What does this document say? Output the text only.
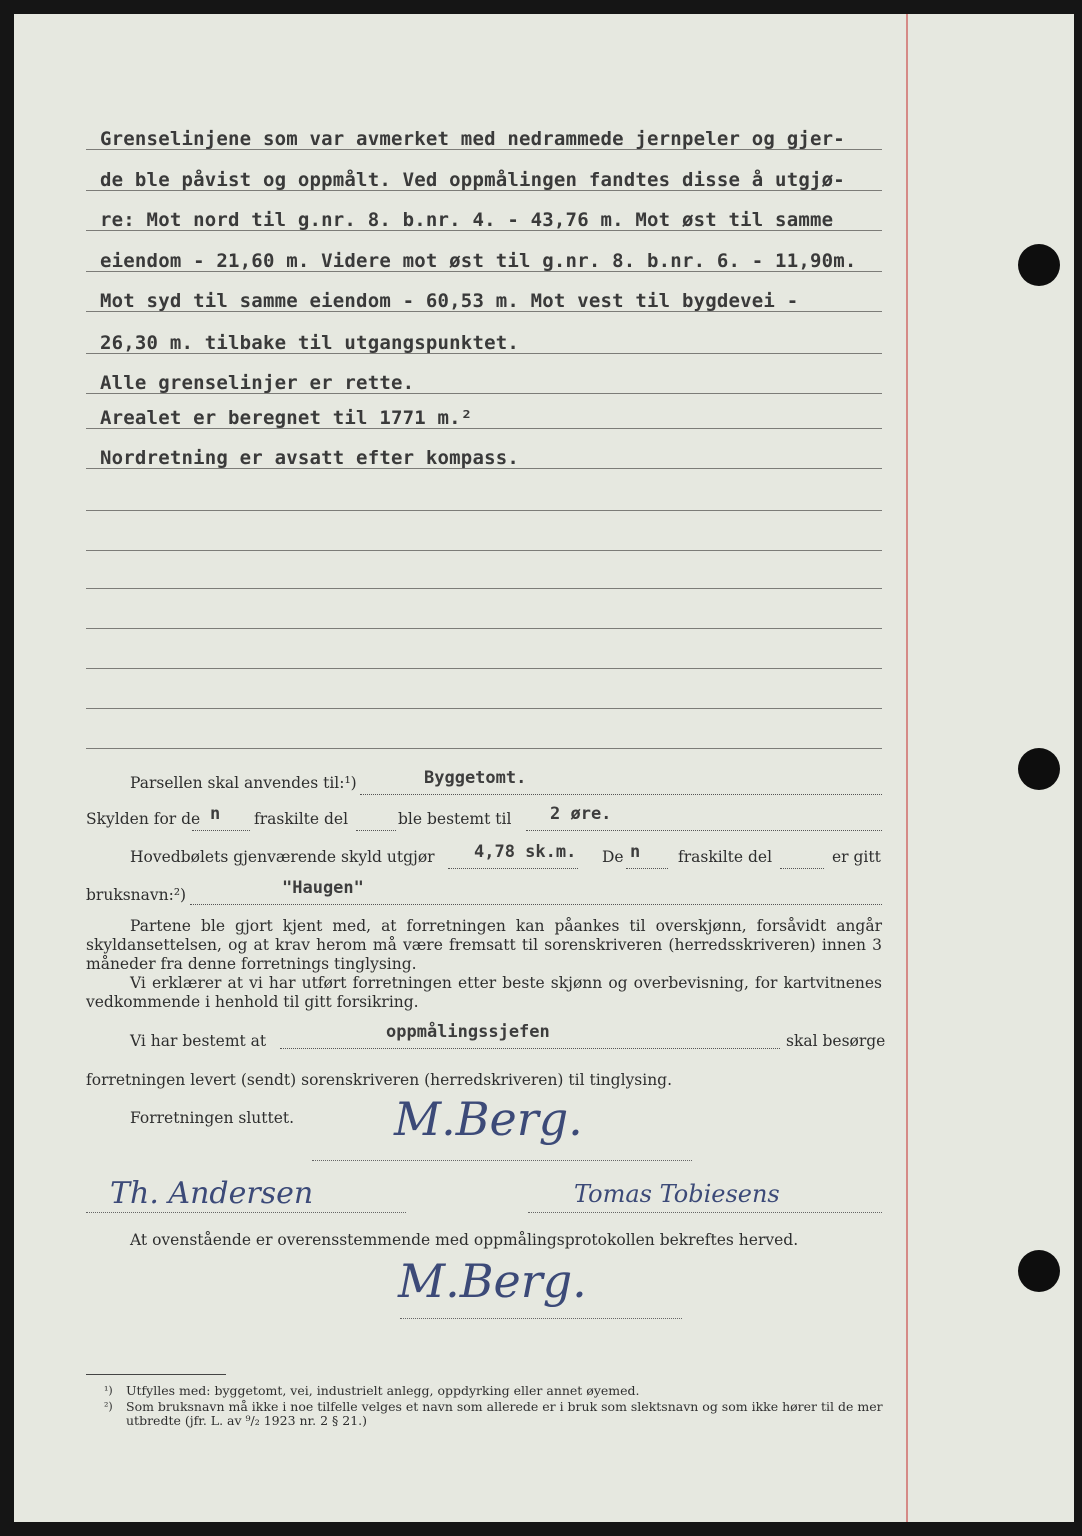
Grenselinjene som var avmerket med nedrammede jernpeler og gjer-
de ble påvist og oppmålt. Ved oppmålingen fandtes disse å utgjø-
re: Mot nord til g.nr. 8. b.nr. 4. - 43,76 m. Mot øst til samme
eiendom - 21,60 m. Videre mot øst til g.nr. 8. b.nr. 6. - 11,90m.
Mot syd til samme eiendom - 60,53 m. Mot vest til bygdevei -
26,30 m. tilbake til utgangspunktet.
Alle grenselinjer er rette.
Arealet er beregnet til 1771 m.²
Nordretning er avsatt efter kompass.
Parsellen skal anvendes til:¹)	Byggetomt.
Skylden for de n fraskilte del	ble bestemt til 2 øre.
Hovedbølets gjenværende skyld utgjør 4,78 sk.m. De n fraskilte del	er gitt
bruksnavn:²)	"Haugen"
Partene ble gjort kjent med, at forretningen kan påankes til overskjønn, forsåvidt angår skyldansettelsen, og at krav herom må være fremsatt til sorenskriveren (herredsskriveren) innen 3 måneder fra denne forretnings tinglysing.
Vi erklærer at vi har utført forretningen etter beste skjønn og overbevisning, for kartvitnenes vedkommende i henhold til gitt forsikring.
Vi har bestemt at	oppmålingssjefen	skal besørge
forretningen levert (sendt) sorenskriveren (herredskriveren) til tinglysing.
Forretningen sluttet. M.Berg.
Th. Andersen	Tomas Tobiesens
At ovenstående er overensstemmende med oppmålingsprotokollen bekreftes herved.
M.Berg.
¹) Utfylles med: byggetomt, vei, industrielt anlegg, oppdyrking eller annet øyemed.
²) Som bruksnavn må ikke i noe tilfelle velges et navn som allerede er i bruk som slektsnavn og som ikke hører til de mer utbredte (jfr. L. av ⁹/₂ 1923 nr. 2 § 21.)
